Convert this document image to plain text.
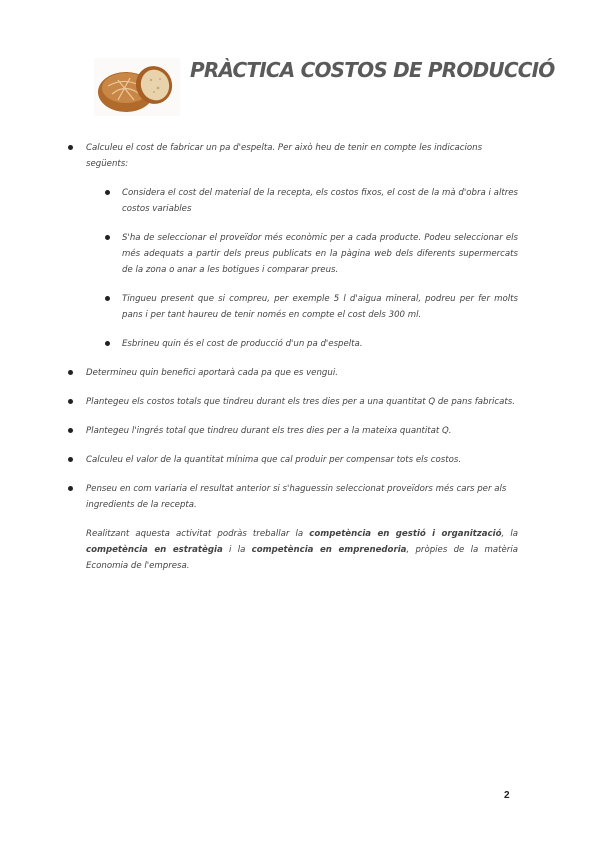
PRÀCTICA COSTOS DE PRODUCCIÓ
Calculeu el cost de fabricar un pa d'espelta. Per això heu de tenir en compte les indicacions següents:
Considera el cost del material de la recepta, els costos fixos, el cost de la mà d'obra i altres costos variables
S'ha de seleccionar el proveïdor més econòmic per a cada producte. Podeu seleccionar els més adequats a partir dels preus publicats en la pàgina web dels diferents supermercats de la zona o anar a les botigues i comparar preus.
Tingueu present que si compreu, per exemple 5 l d'aigua mineral, podreu per fer molts pans i per tant haureu de tenir només en compte el cost dels 300 ml.
Esbrineu quin és el cost de producció d'un pa d'espelta.
Determineu quin benefici aportarà cada pa que es vengui.
Plantegeu els costos totals que tindreu durant els tres dies per a una quantitat Q de pans fabricats.
Plantegeu l'ingrés total que tindreu durant els tres dies per a la mateixa quantitat Q.
Calculeu el valor de la quantitat mínima que cal produir per compensar tots els costos.
Penseu en com variaria el resultat anterior si s'haguessin seleccionat proveïdors més cars per als ingredients de la recepta.

Realitzant aquesta activitat podràs treballar la competència en gestió i organització, la competència en estratègia i la competència en emprenedoria, pròpies de la matèria Economia de l'empresa.

2
